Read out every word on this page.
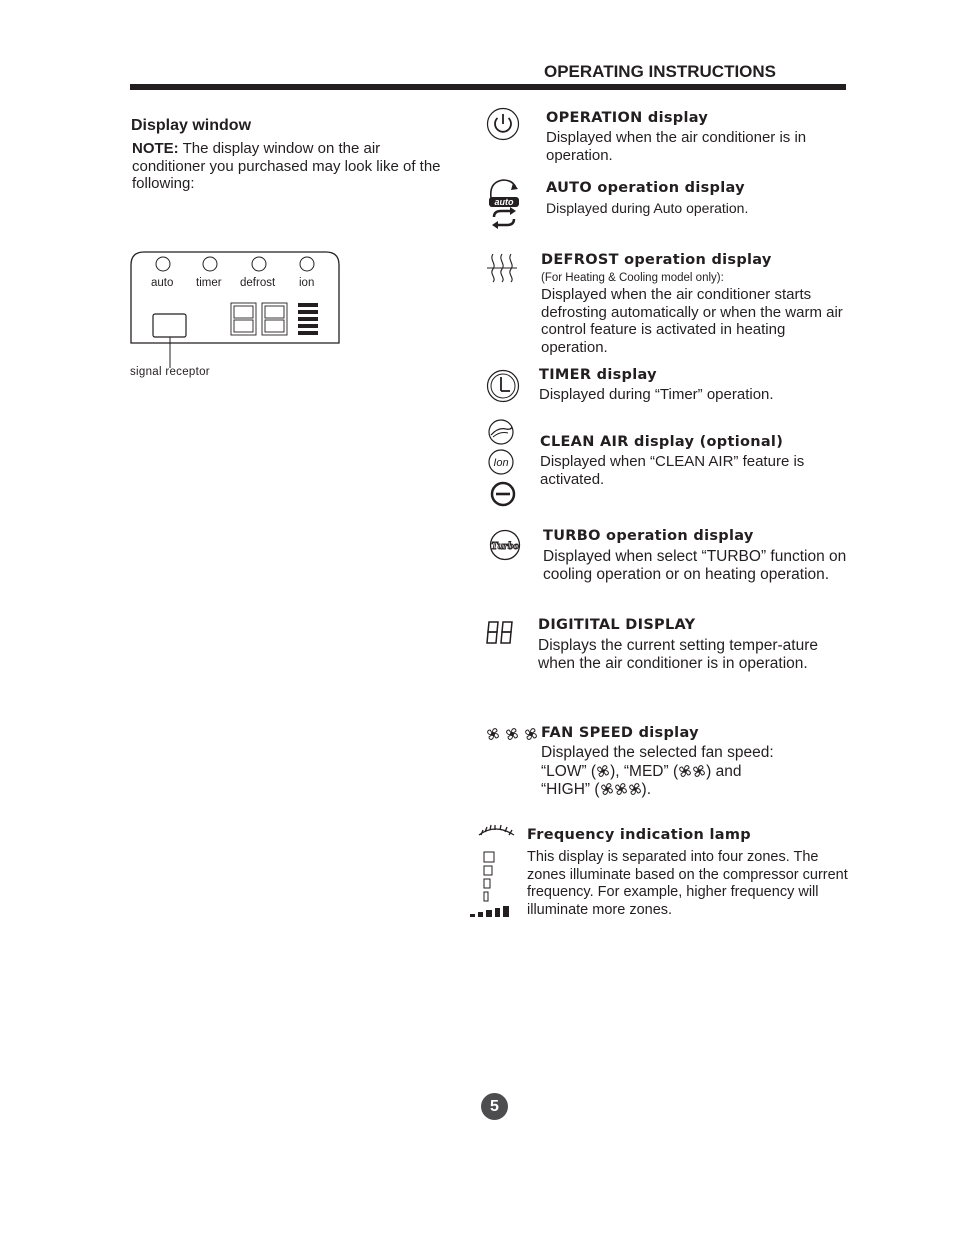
OPERATING INSTRUCTIONS
Display window
NOTE: The display window on the air conditioner you purchased may look like of the following:
auto timer defrost ion
signal receptor
OPERATION display
Displayed when the air conditioner is in operation.
auto
AUTO operation display
Displayed during Auto operation.
DEFROST operation display
(For Heating & Cooling model only):
Displayed when the air conditioner starts defrosting automatically or when the warm air control feature is activated in heating operation.
TIMER display
Displayed during “Timer” operation.
Ion
CLEAN AIR display (optional)
Displayed when “CLEAN AIR” feature is activated.
Turbo
TURBO operation display
Displayed when select “TURBO” function on cooling operation or on heating operation.
DIGITITAL DISPLAY
Displays the current setting temper-ature when the air conditioner is in operation.
FAN SPEED display
Displayed the selected fan speed:
“LOW” ( ), “MED” ( ) and
“HIGH” (	).
Frequency indication lamp
This display is separated into four zones. The zones illuminate based on the compressor current frequency. For example, higher frequency will illuminate more zones.
5
